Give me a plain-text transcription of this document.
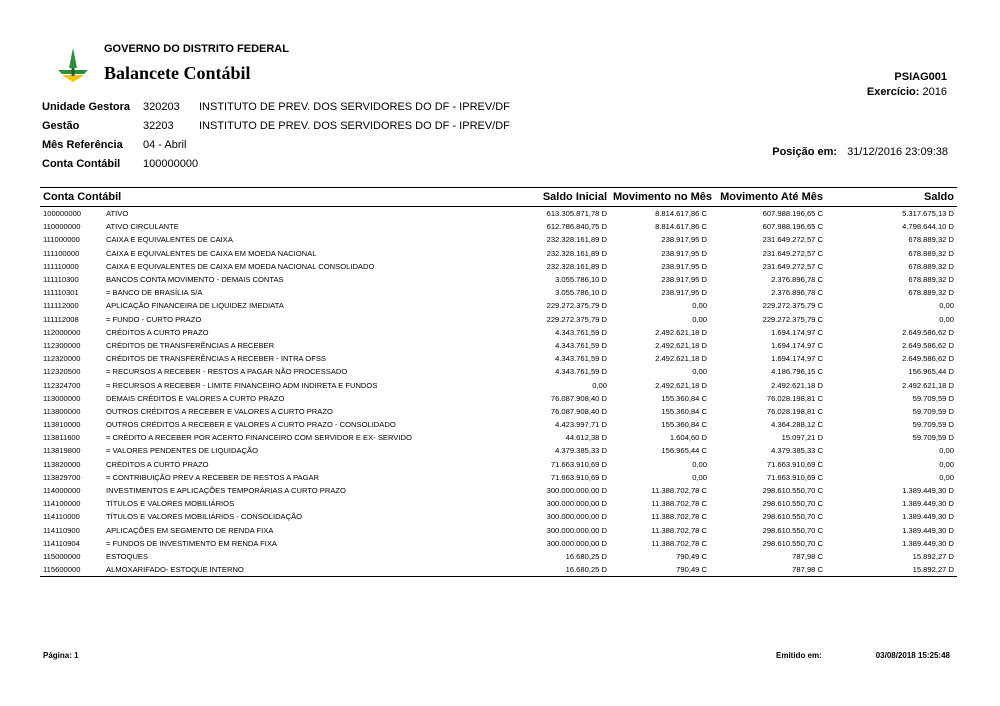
GOVERNO DO DISTRITO FEDERAL
Balancete Contábil	PSIAG001
Exercício: 2016
Unidade Gestora 320203 INSTITUTO DE PREV. DOS SERVIDORES DO DF - IPREV/DF
Gestão	32203 INSTITUTO DE PREV. DOS SERVIDORES DO DF - IPREV/DF
Mês Referência 04 - Abril
Conta Contábil 100000000
Posição em: 31/12/2016 23:09:38
Conta Contábil		Saldo Inicial	Movimento no Mês	Movimento Até Mês	Saldo
100000000	ATIVO	613.305.871,78 D	8.814.617,86 C	607.988.196,65 C	5.317.675,13 D
110000000	ATIVO CIRCULANTE	612.786.840,75 D	8.814.617,86 C	607.988.196,65 C	4.798.644,10 D
111000000	CAIXA E EQUIVALENTES DE CAIXA	232.328.161,89 D	238.917,95 D	231.649.272,57 C	678.889,32 D
111100000	CAIXA E EQUIVALENTES DE CAIXA EM MOEDA NACIONAL	232.328.161,89 D	238.917,95 D	231.649.272,57 C	678.889,32 D
111110000	CAIXA E EQUIVALENTES DE CAIXA EM MOEDA NACIONAL CONSOLIDADO	232.328.161,89 D	238.917,95 D	231.649.272,57 C	678.889,32 D
111110300	BANCOS CONTA MOVIMENTO - DEMAIS CONTAS	3.055.786,10 D	238.917,95 D	2.376.896,78 C	678.889,32 D
111110301	= BANCO DE BRASÍLIA S/A	3.055.786,10 D	238.917,95 D	2.376.896,78 C	678.889,32 D
111112000	APLICAÇÃO FINANCEIRA DE LIQUIDEZ IMEDIATA	229.272.375,79 D	0,00	229.272.375,79 C	0,00
111112008	= FUNDO - CURTO PRAZO	229.272.375,79 D	0,00	229.272.375,79 C	0,00
112000000	CRÉDITOS A CURTO PRAZO	4.343.761,59 D	2.492.621,18 D	1.694.174,97 C	2.649.586,62 D
112300000	CRÉDITOS DE TRANSFERÊNCIAS A RECEBER	4.343.761,59 D	2.492.621,18 D	1.694.174,97 C	2.649.586,62 D
112320000	CRÉDITOS DE TRANSFERÊNCIAS A RECEBER - INTRA OFSS	4.343.761,59 D	2.492.621,18 D	1.694.174,97 C	2.649.586,62 D
112320500	= RECURSOS A RECEBER - RESTOS A PAGAR NÃO PROCESSADO	4.343.761,59 D	0,00	4.186.796,15 C	156.965,44 D
112324700	= RECURSOS A RECEBER - LIMITE FINANCEIRO ADM INDIRETA E FUNDOS	0,00	2.492.621,18 D	2.492.621,18 D	2.492.621,18 D
113000000	DEMAIS CRÉDITOS E VALORES A CURTO PRAZO	76.087.908,40 D	155.360,84 C	76.028.198,81 C	59.709,59 D
113800000	OUTROS CRÉDITOS A RECEBER E VALORES A CURTO PRAZO	76.087.908,40 D	155.360,84 C	76.028.198,81 C	59.709,59 D
113810000	OUTROS CRÉDITOS A RECEBER E VALORES A CURTO PRAZO - CONSOLIDADO	4.423.997,71 D	155.360,84 C	4.364.288,12 C	59.709,59 D
113811600	= CRÉDITO A RECEBER POR ACERTO FINANCEIRO COM SERVIDOR E EX- SERVIDO	44.612,38 D	1.604,60 D	15.097,21 D	59.709,59 D
113819800	= VALORES PENDENTES DE LIQUIDAÇÃO	4.379.385,33 D	156.965,44 C	4.379.385,33 C	0,00
113820000	CRÉDITOS A CURTO PRAZO	71.663.910,69 D	0,00	71.663.910,69 C	0,00
113829700	= CONTRIBUIÇÃO PREV A RECEBER DE RESTOS A PAGAR	71.663.910,69 D	0,00	71.663.910,69 C	0,00
114000000	INVESTIMENTOS E APLICAÇÕES TEMPORÁRIAS A CURTO PRAZO	300.000.000,00 D	11.388.702,78 C	298.610.550,70 C	1.389.449,30 D
114100000	TÍTULOS E VALORES MOBILIÁRIOS	300.000.000,00 D	11.388.702,78 C	298.610.550,70 C	1.389.449,30 D
114110000	TÍTULOS E VALORES MOBILIÁRIOS - CONSOLIDAÇÃO	300.000.000,00 D	11.388.702,78 C	298.610.550,70 C	1.389.449,30 D
114110900	APLICAÇÕES EM SEGMENTO DE RENDA FIXA	300.000.000,00 D	11.388.702,78 C	298.610.550,70 C	1.389.449,30 D
114110904	= FUNDOS DE INVESTIMENTO EM RENDA FIXA	300.000.000,00 D	11.388.702,78 C	298.610.550,70 C	1.389.449,30 D
115000000	ESTOQUES	16.680,25 D	790,49 C	787,98 C	15.892,27 D
115600000	ALMOXARIFADO- ESTOQUE INTERNO	16.680,25 D	790,49 C	787,98 C	15.892,27 D
Página: 1	Emitido em:	03/08/2018 15:25:48
